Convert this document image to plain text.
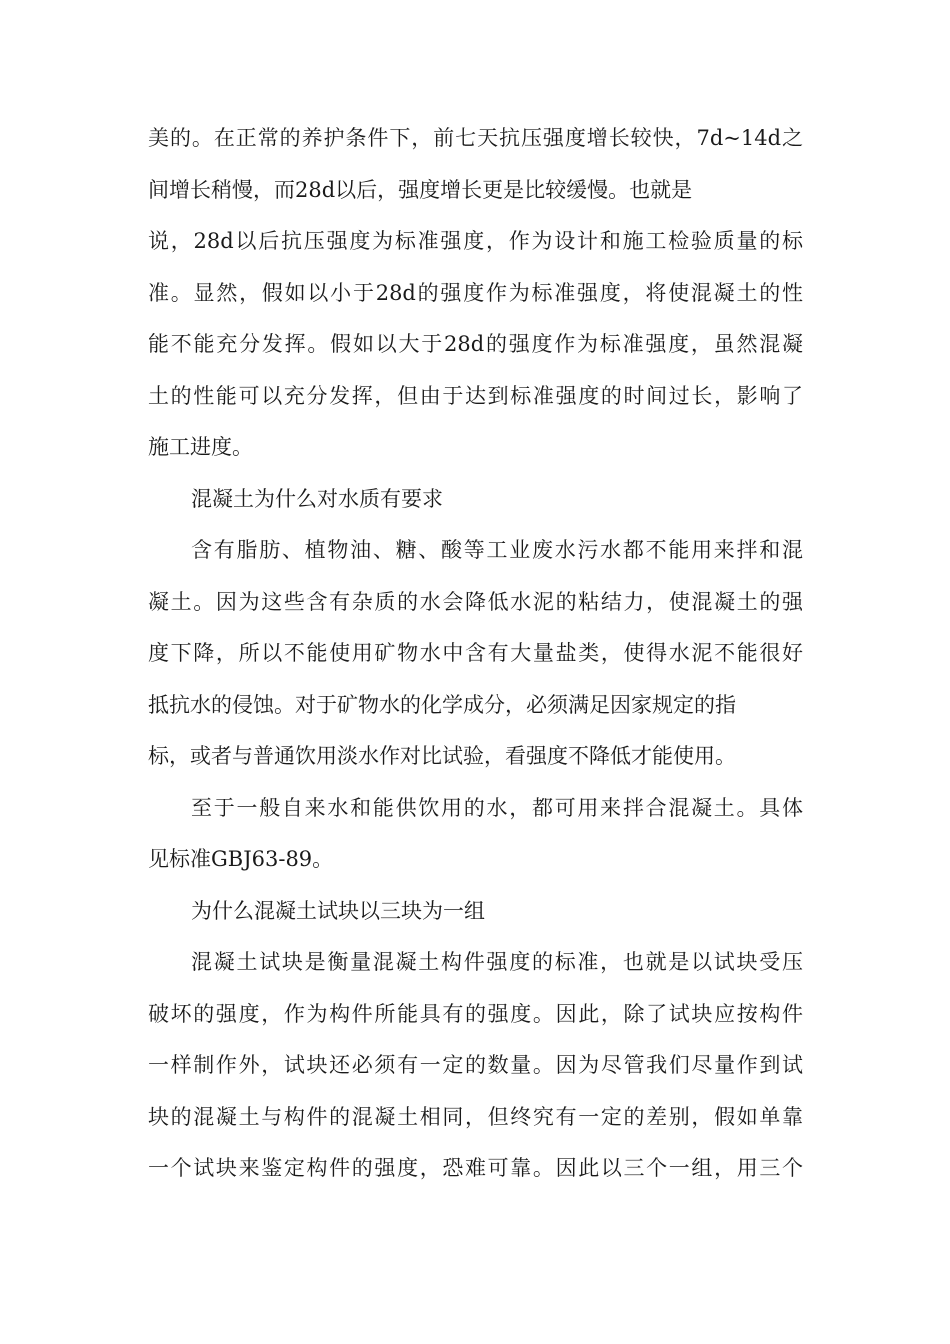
美的。在正常的养护条件下，前七天抗压强度增长较快，7d~14d之
间增长稍慢，而28d以后，强度增长更是比较缓慢。也就是
说，28d以后抗压强度为标准强度，作为设计和施工检验质量的标
准。显然，假如以小于28d的强度作为标准强度，将使混凝土的性
能不能充分发挥。假如以大于28d的强度作为标准强度，虽然混凝
土的性能可以充分发挥，但由于达到标准强度的时间过长，影响了
施工进度。
混凝土为什么对水质有要求
含有脂肪、植物油、糖、酸等工业废水污水都不能用来拌和混
凝土。因为这些含有杂质的水会降低水泥的粘结力，使混凝土的强
度下降，所以不能使用矿物水中含有大量盐类，使得水泥不能很好
抵抗水的侵蚀。对于矿物水的化学成分，必须满足因家规定的指
标，或者与普通饮用淡水作对比试验，看强度不降低才能使用。
至于一般自来水和能供饮用的水，都可用来拌合混凝土。具体
见标准GBJ63-89。
为什么混凝土试块以三块为一组
混凝土试块是衡量混凝土构件强度的标准，也就是以试块受压
破坏的强度，作为构件所能具有的强度。因此，除了试块应按构件
一样制作外，试块还必须有一定的数量。因为尽管我们尽量作到试
块的混凝土与构件的混凝土相同，但终究有一定的差别，假如单靠
一个试块来鉴定构件的强度，恐难可靠。因此以三个一组，用三个
